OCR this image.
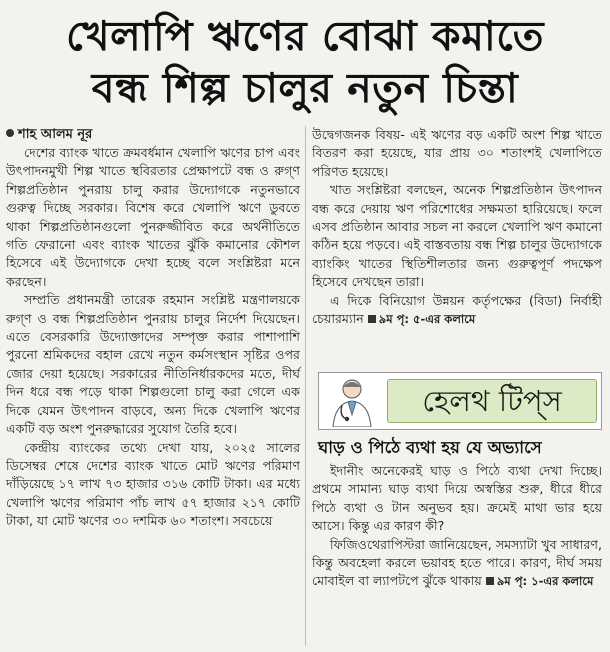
খেলাপি ঋণের বোঝা কমাতে
বন্ধ শিল্প চালুর নতুন চিন্তা
শাহ আলম নূর

দেশের ব্যাংক খাতে ক্রমবর্ধমান খেলাপি ঋণের চাপ এবং উৎপাদনমুখী শিল্প খাতে স্থবিরতার প্রেক্ষাপটে বন্ধ ও রুগ্ণ শিল্পপ্রতিষ্ঠান পুনরায় চালু করার উদ্যোগকে নতুনভাবে গুরুত্ব দিচ্ছে সরকার। বিশেষ করে খেলাপি ঋণে ডুবতে থাকা শিল্পপ্রতিষ্ঠানগুলো পুনরুজ্জীবিত করে অর্থনীতিতে গতি ফেরানো এবং ব্যাংক খাতের ঝুঁকি কমানোর কৌশল হিসেবে এই উদ্যোগকে দেখা হচ্ছে বলে সংশ্লিষ্টরা মনে করছেন।

সম্প্রতি প্রধানমন্ত্রী তারেক রহমান সংশ্লিষ্ট মন্ত্রণালয়কে রুগ্ণ ও বন্ধ শিল্পপ্রতিষ্ঠান পুনরায় চালুর নির্দেশ দিয়েছেন। এতে বেসরকারি উদ্যোক্তাদের সম্পৃক্ত করার পাশাপাশি পুরনো শ্রমিকদের বহাল রেখে নতুন কর্মসংস্থান সৃষ্টির ওপর জোর দেয়া হয়েছে। সরকারের নীতিনির্ধারকদের মতে, দীর্ঘ দিন ধরে বন্ধ পড়ে থাকা শিল্পগুলো চালু করা গেলে এক দিকে যেমন উৎপাদন বাড়বে, অন্য দিকে খেলাপি ঋণের একটি বড় অংশ পুনরুদ্ধারের সুযোগ তৈরি হবে।

কেন্দ্রীয় ব্যাংকের তথ্যে দেখা যায়, ২০২৫ সালের ডিসেম্বর শেষে দেশের ব্যাংক খাতে মোট ঋণের পরিমাণ দাঁড়িয়েছে ১৭ লাখ ৭৩ হাজার ৩১৬ কোটি টাকা। এর মধ্যে খেলাপি ঋণের পরিমাণ পাঁচ লাখ ৫৭ হাজার ২১৭ কোটি টাকা, যা মোট ঋণের ৩০ দশমিক ৬০ শতাংশ। সবচেয়ে

উদ্বেগজনক বিষয়- এই ঋণের বড় একটি অংশ শিল্প খাতে বিতরণ করা হয়েছে, যার প্রায় ৩০ শতাংশই খেলাপিতে পরিণত হয়েছে।

খাত সংশ্লিষ্টরা বলছেন, অনেক শিল্পপ্রতিষ্ঠান উৎপাদন বন্ধ করে দেয়ায় ঋণ পরিশোধের সক্ষমতা হারিয়েছে। ফলে এসব প্রতিষ্ঠান আবার সচল না করলে খেলাপি ঋণ কমানো কঠিন হয়ে পড়বে। এই বাস্তবতায় বন্ধ শিল্প চালুর উদ্যোগকে ব্যাংকিং খাতের স্থিতিশীলতার জন্য গুরুত্বপূর্ণ পদক্ষেপ হিসেবে দেখছেন তারা।

এ দিকে বিনিয়োগ উন্নয়ন কর্তৃপক্ষের (বিডা) নির্বাহী চেয়ারম্যান ৯ম পৃ: ৫-এর কলামে

হেলথ টিপ্‌স
ঘাড় ও পিঠে ব্যথা হয় যে অভ্যাসে

ইদানীং অনেকেরই ঘাড় ও পিঠে ব্যথা দেখা দিচ্ছে। প্রথমে সামান্য ঘাড় ব্যথা দিয়ে অস্বস্তির শুরু, ধীরে ধীরে পিঠে ব্যথা ও টান অনুভব হয়। ক্রমেই মাথা ভার হয়ে আসে। কিন্তু এর কারণ কী?

ফিজিওথেরাপিস্টরা জানিয়েছেন, সমস্যাটা খুব সাধারণ, কিন্তু অবহেলা করলে ভয়াবহ হতে পারে। কারণ, দীর্ঘ সময় মোবাইল বা ল্যাপটপে ঝুঁকে থাকায় ৯ম পৃ: ১-এর কলামে
